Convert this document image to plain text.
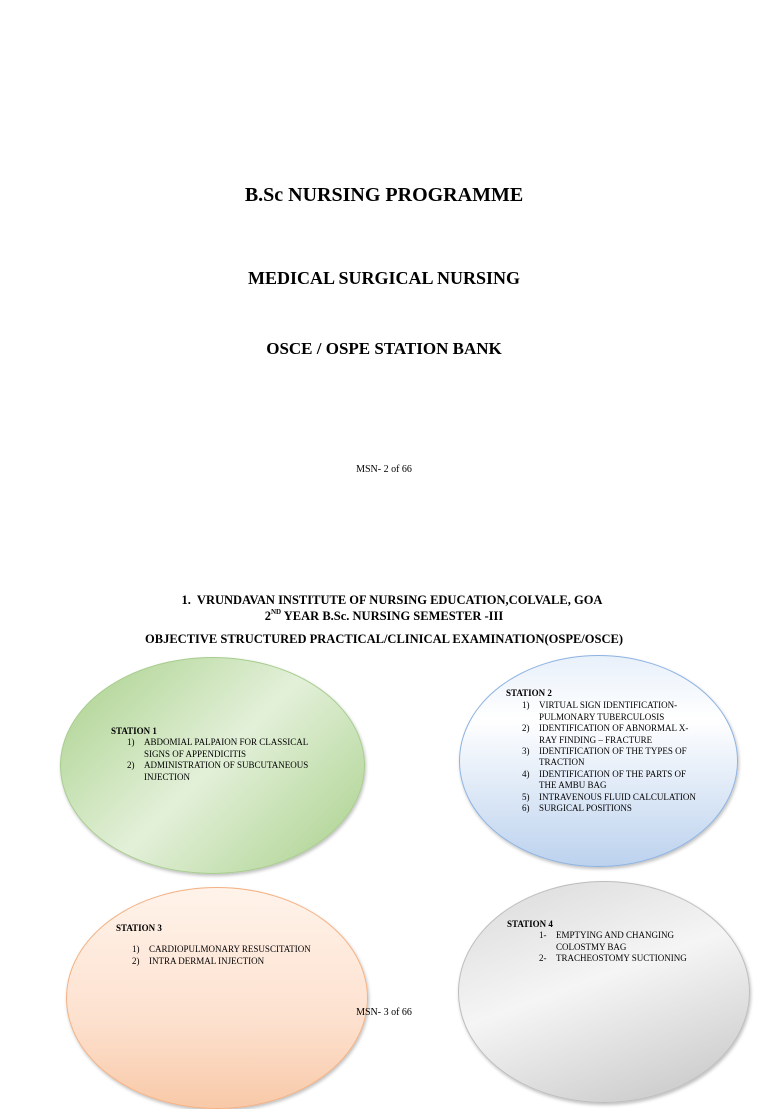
B.Sc NURSING PROGRAMME
MEDICAL SURGICAL NURSING
OSCE / OSPE STATION BANK
MSN- 2 of 66
1. VRUNDAVAN INSTITUTE OF NURSING EDUCATION,COLVALE, GOA
2ND YEAR B.Sc. NURSING SEMESTER -III
OBJECTIVE STRUCTURED PRACTICAL/CLINICAL EXAMINATION(OSPE/OSCE)
STATION 1
1) ABDOMIAL PALPAION FOR CLASSICAL SIGNS OF APPENDICITIS
2) ADMINISTRATION OF SUBCUTANEOUS INJECTION
STATION 2
1) VIRTUAL SIGN IDENTIFICATION-PULMONARY TUBERCULOSIS
2) IDENTIFICATION OF ABNORMAL X-RAY FINDING – FRACTURE
3) IDENTIFICATION OF THE TYPES OF TRACTION
4) IDENTIFICATION OF THE PARTS OF THE AMBU BAG
5) INTRAVENOUS FLUID CALCULATION
6) SURGICAL POSITIONS
STATION 3
1) CARDIOPULMONARY RESUSCITATION
2) INTRA DERMAL INJECTION
STATION 4
1- EMPTYING AND CHANGING COLOSTMY BAG
2- TRACHEOSTOMY SUCTIONING
MSN- 3 of 66
